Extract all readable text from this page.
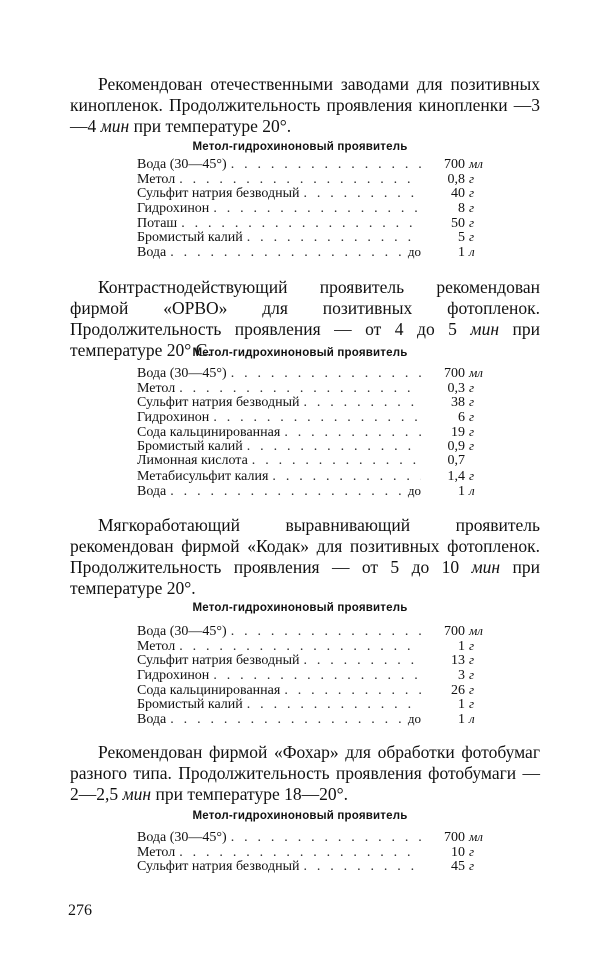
Рекомендован отечественными заводами для позитивных кинопленок. Продолжительность проявления кинопленки —3—4 мин при температуре 20°.

Метол-гидрохиноновый проявитель

Вода (30—45°) . . .	700 мл
Метол . . .	0,8 г
Сульфит натрия безводный . . .	40 г
Гидрохинон . . .	8 г
Поташ . . .	50 г
Бромистый калий . . .	5 г
Вода . . .	до	1 л

Контрастнодействующий проявитель рекомендован фирмой «ОРВО» для позитивных фотопленок. Продолжительность проявления — от 4 до 5 мин при температуре 20° С.

Метол-гидрохиноновый проявитель

Вода (30—45°) . . .	700 мл
Метол . . .	0,3 г
Сульфит натрия безводный . . .	38 г
Гидрохинон . . .	6 г
Сода кальцинированная . . .	19 г
Бромистый калий . . .	0,9 г
Лимонная кислота . . .	0,7
Метабисульфит калия . . .	1,4 г
Вода . . .	до	1 л

Мягкоработающий выравнивающий проявитель рекомендован фирмой «Кодак» для позитивных фотопленок. Продолжительность проявления — от 5 до 10 мин при температуре 20°.

Метол-гидрохиноновый проявитель

Вода (30—45°) . . .	700 мл
Метол . . .	1 г
Сульфит натрия безводный . . .	13 г
Гидрохинон . . .	3 г
Сода кальцинированная . . .	26 г
Бромистый калий . . .	1 г
Вода . . .	до	1 л

Рекомендован фирмой «Фохар» для обработки фотобумаг разного типа. Продолжительность проявления фотобумаги — 2—2,5 мин при температуре 18—20°.

Метол-гидрохиноновый проявитель

Вода (30—45°) . . .	700 мл
Метол . . .	10 г
Сульфит натрия безводный . . .	45 г
276
